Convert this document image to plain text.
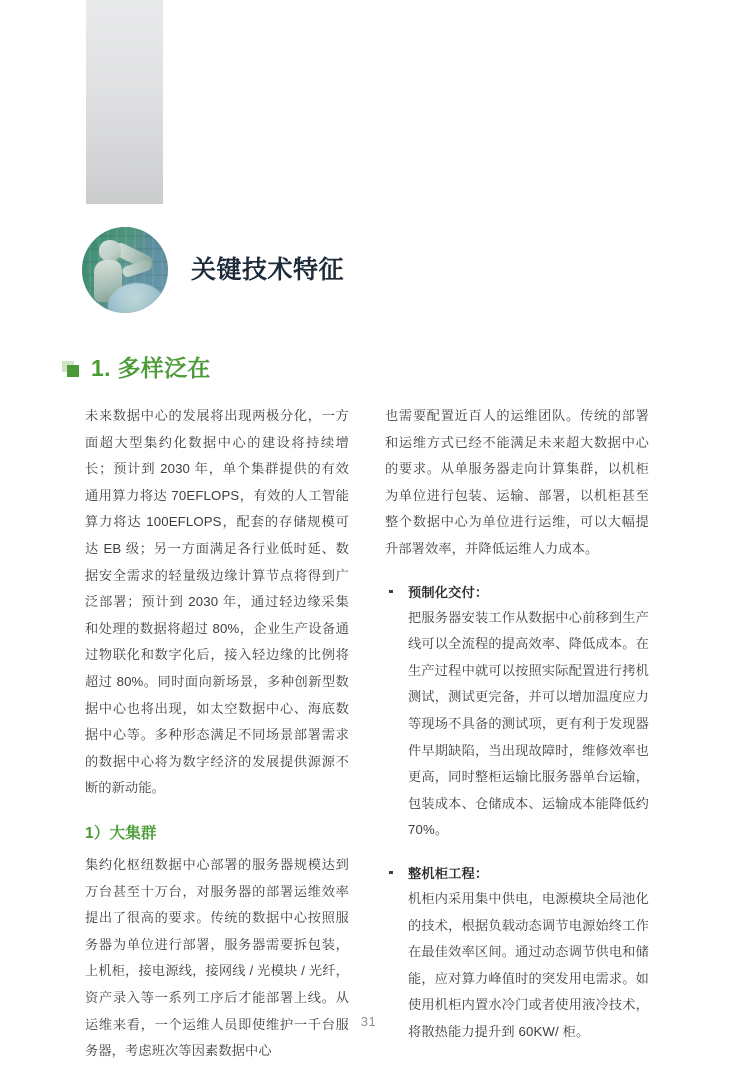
关键技术特征
1. 多样泛在

未来数据中心的发展将出现两极分化，一方面超大型集约化数据中心的建设将持续增长；预计到 2030 年，单个集群提供的有效通用算力将达 70EFLOPS，有效的人工智能算力将达 100EFLOPS，配套的存储规模可达 EB 级；另一方面满足各行业低时延、数据安全需求的轻量级边缘计算节点将得到广泛部署；预计到 2030 年，通过轻边缘采集和处理的数据将超过 80%，企业生产设备通过物联化和数字化后，接入轻边缘的比例将超过 80%。同时面向新场景，多种创新型数据中心也将出现，如太空数据中心、海底数据中心等。多种形态满足不同场景部署需求的数据中心将为数字经济的发展提供源源不断的新动能。

1）大集群

集约化枢纽数据中心部署的服务器规模达到万台甚至十万台，对服务器的部署运维效率提出了很高的要求。传统的数据中心按照服务器为单位进行部署，服务器需要拆包装，上机柜，接电源线，接网线 / 光模块 / 光纤，资产录入等一系列工序后才能部署上线。从运维来看，一个运维人员即使维护一千台服务器，考虑班次等因素数据中心

也需要配置近百人的运维团队。传统的部署和运维方式已经不能满足未来超大数据中心的要求。从单服务器走向计算集群，以机柜为单位进行包装、运输、部署，以机柜甚至整个数据中心为单位进行运维，可以大幅提升部署效率，并降低运维人力成本。

预制化交付：

把服务器安装工作从数据中心前移到生产线可以全流程的提高效率、降低成本。在生产过程中就可以按照实际配置进行拷机测试，测试更完备，并可以增加温度应力等现场不具备的测试项，更有利于发现器件早期缺陷，当出现故障时，维修效率也更高，同时整柜运输比服务器单台运输，包装成本、仓储成本、运输成本能降低约 70%。

整机柜工程：

机柜内采用集中供电，电源模块全局池化的技术，根据负载动态调节电源始终工作在最佳效率区间。通过动态调节供电和储能，应对算力峰值时的突发用电需求。如使用机柜内置水冷门或者使用液冷技术，将散热能力提升到 60KW/ 柜。

31
